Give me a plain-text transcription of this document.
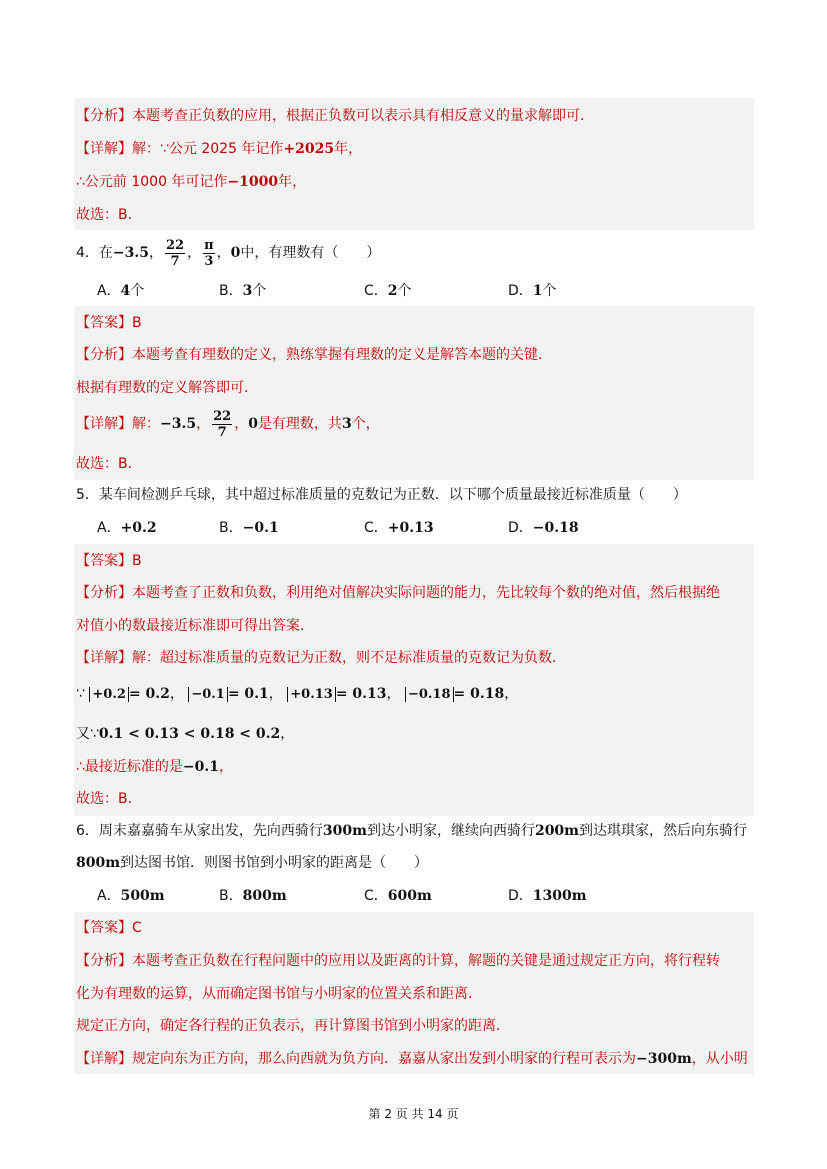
【分析】本题考查正负数的应用，根据正负数可以表示具有相反意义的量求解即可．
【详解】解：∵公元 2025 年记作+2025年，
∴公元前 1000 年可记作−1000年，
故选：B．
4．在−3.5， $\frac{22}{7}$ ， $\frac{\pi}{3}$ ，0中，有理数有（　　）
A．4个	B．3个	C．2个	D．1个
【答案】B
【分析】本题考查有理数的定义，熟练掌握有理数的定义是解答本题的关键．
根据有理数的定义解答即可．
【详解】解：−3.5， $\frac{22}{7}$ ，0是有理数，共3个，
故选：B．
5．某车间检测乒乓球，其中超过标准质量的克数记为正数．以下哪个质量最接近标准质量（　　）
A．+0.2	B．−0.1	C．+0.13	D．−0.18
【答案】B
【分析】本题考查了正数和负数，利用绝对值解决实际问题的能力，先比较每个数的绝对值，然后根据绝
对值小的数最接近标准即可得出答案．
【详解】解：超过标准质量的克数记为正数，则不足标准质量的克数记为负数．
∵ +0.2 = 0.2， −0.1 = 0.1， +0.13 = 0.13， −0.18 = 0.18，
又∵0.1 < 0.13 < 0.18 < 0.2，
∴最接近标准的是−0.1，
故选：B．
6．周末嘉嘉骑车从家出发，先向西骑行300m到达小明家，继续向西骑行200m到达琪琪家，然后向东骑行
800m到达图书馆．则图书馆到小明家的距离是（　　）
A．500m	B．800m	C．600m	D．1300m
【答案】C
【分析】本题考查正负数在行程问题中的应用以及距离的计算，解题的关键是通过规定正方向，将行程转
化为有理数的运算，从而确定图书馆与小明家的位置关系和距离．
规定正方向，确定各行程的正负表示，再计算图书馆到小明家的距离．
【详解】规定向东为正方向，那么向西就为负方向．嘉嘉从家出发到小明家的行程可表示为−300m，从小明
第 2 页 共 14 页
